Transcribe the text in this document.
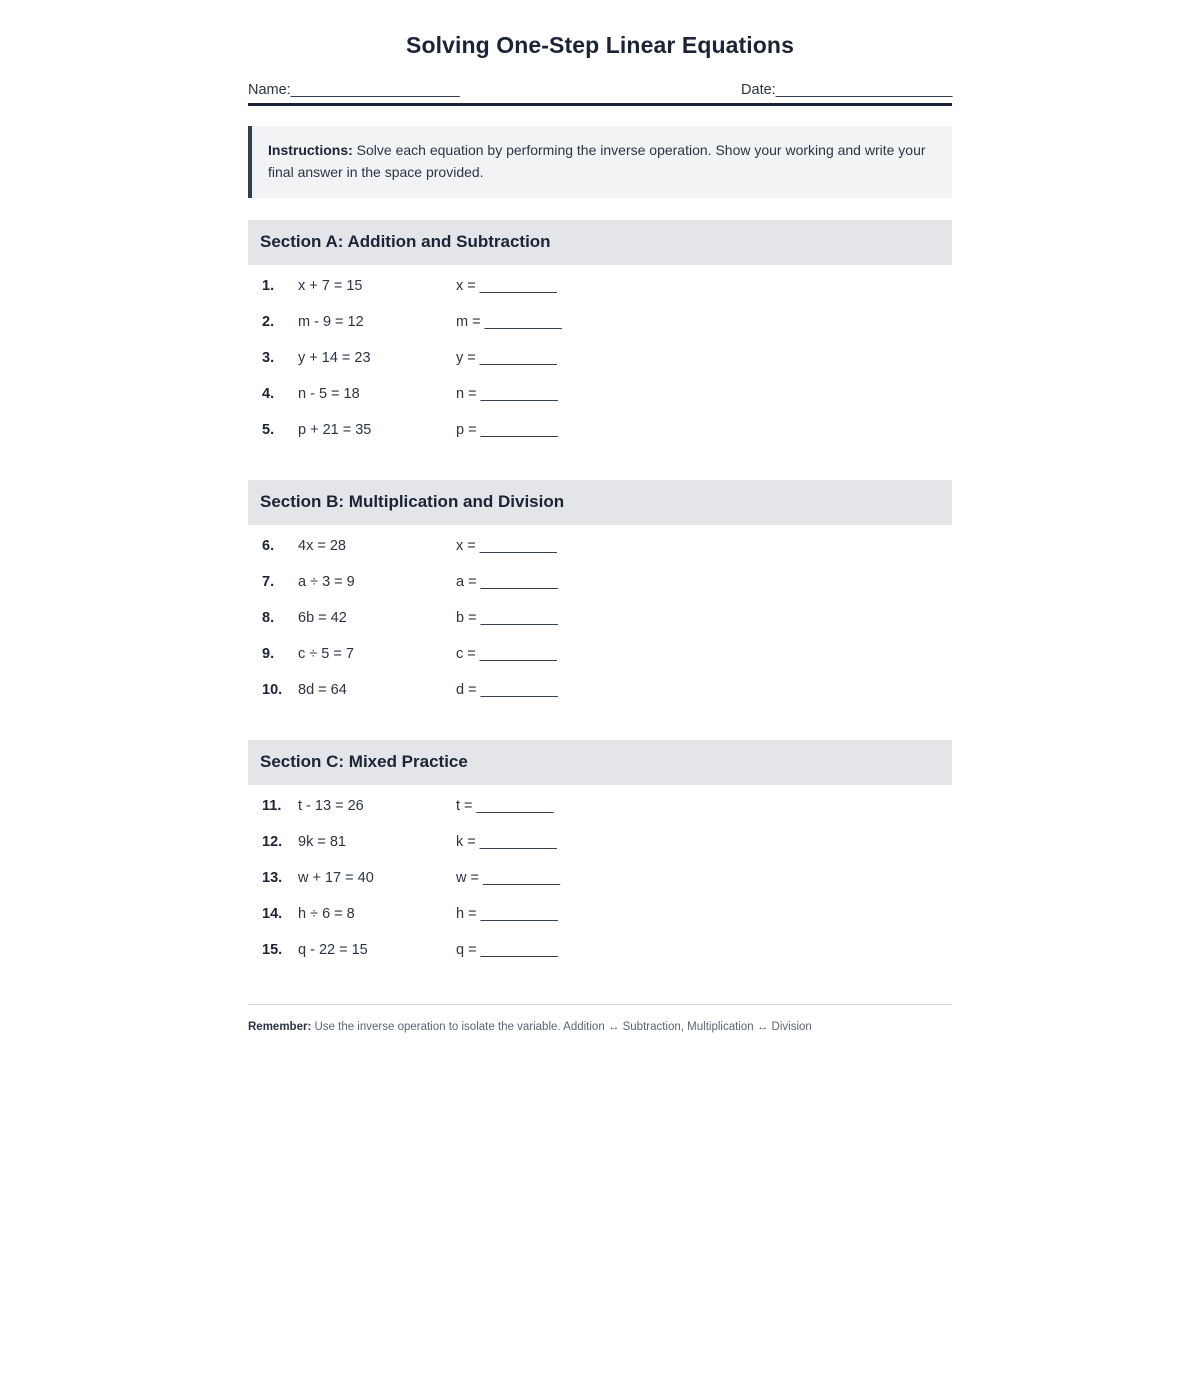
Solving One-Step Linear Equations
Name: ______________________	Date: _______________________
Instructions: Solve each equation by performing the inverse operation. Show your working and write your final answer in the space provided.
Section A: Addition and Subtraction
1.	x + 7 = 15	x = __________
2.	m - 9 = 12	m = __________
3.	y + 14 = 23	y = __________
4.	n - 5 = 18	n = __________
5.	p + 21 = 35	p = __________
Section B: Multiplication and Division
6.	4x = 28	x = __________
7.	a ÷ 3 = 9	a = __________
8.	6b = 42	b = __________
9.	c ÷ 5 = 7	c = __________
10.	8d = 64	d = __________
Section C: Mixed Practice
11.	t - 13 = 26	t = __________
12.	9k = 81	k = __________
13.	w + 17 = 40	w = __________
14.	h ÷ 6 = 8	h = __________
15.	q - 22 = 15	q = __________
Remember: Use the inverse operation to isolate the variable. Addition ↔ Subtraction, Multiplication ↔ Division
